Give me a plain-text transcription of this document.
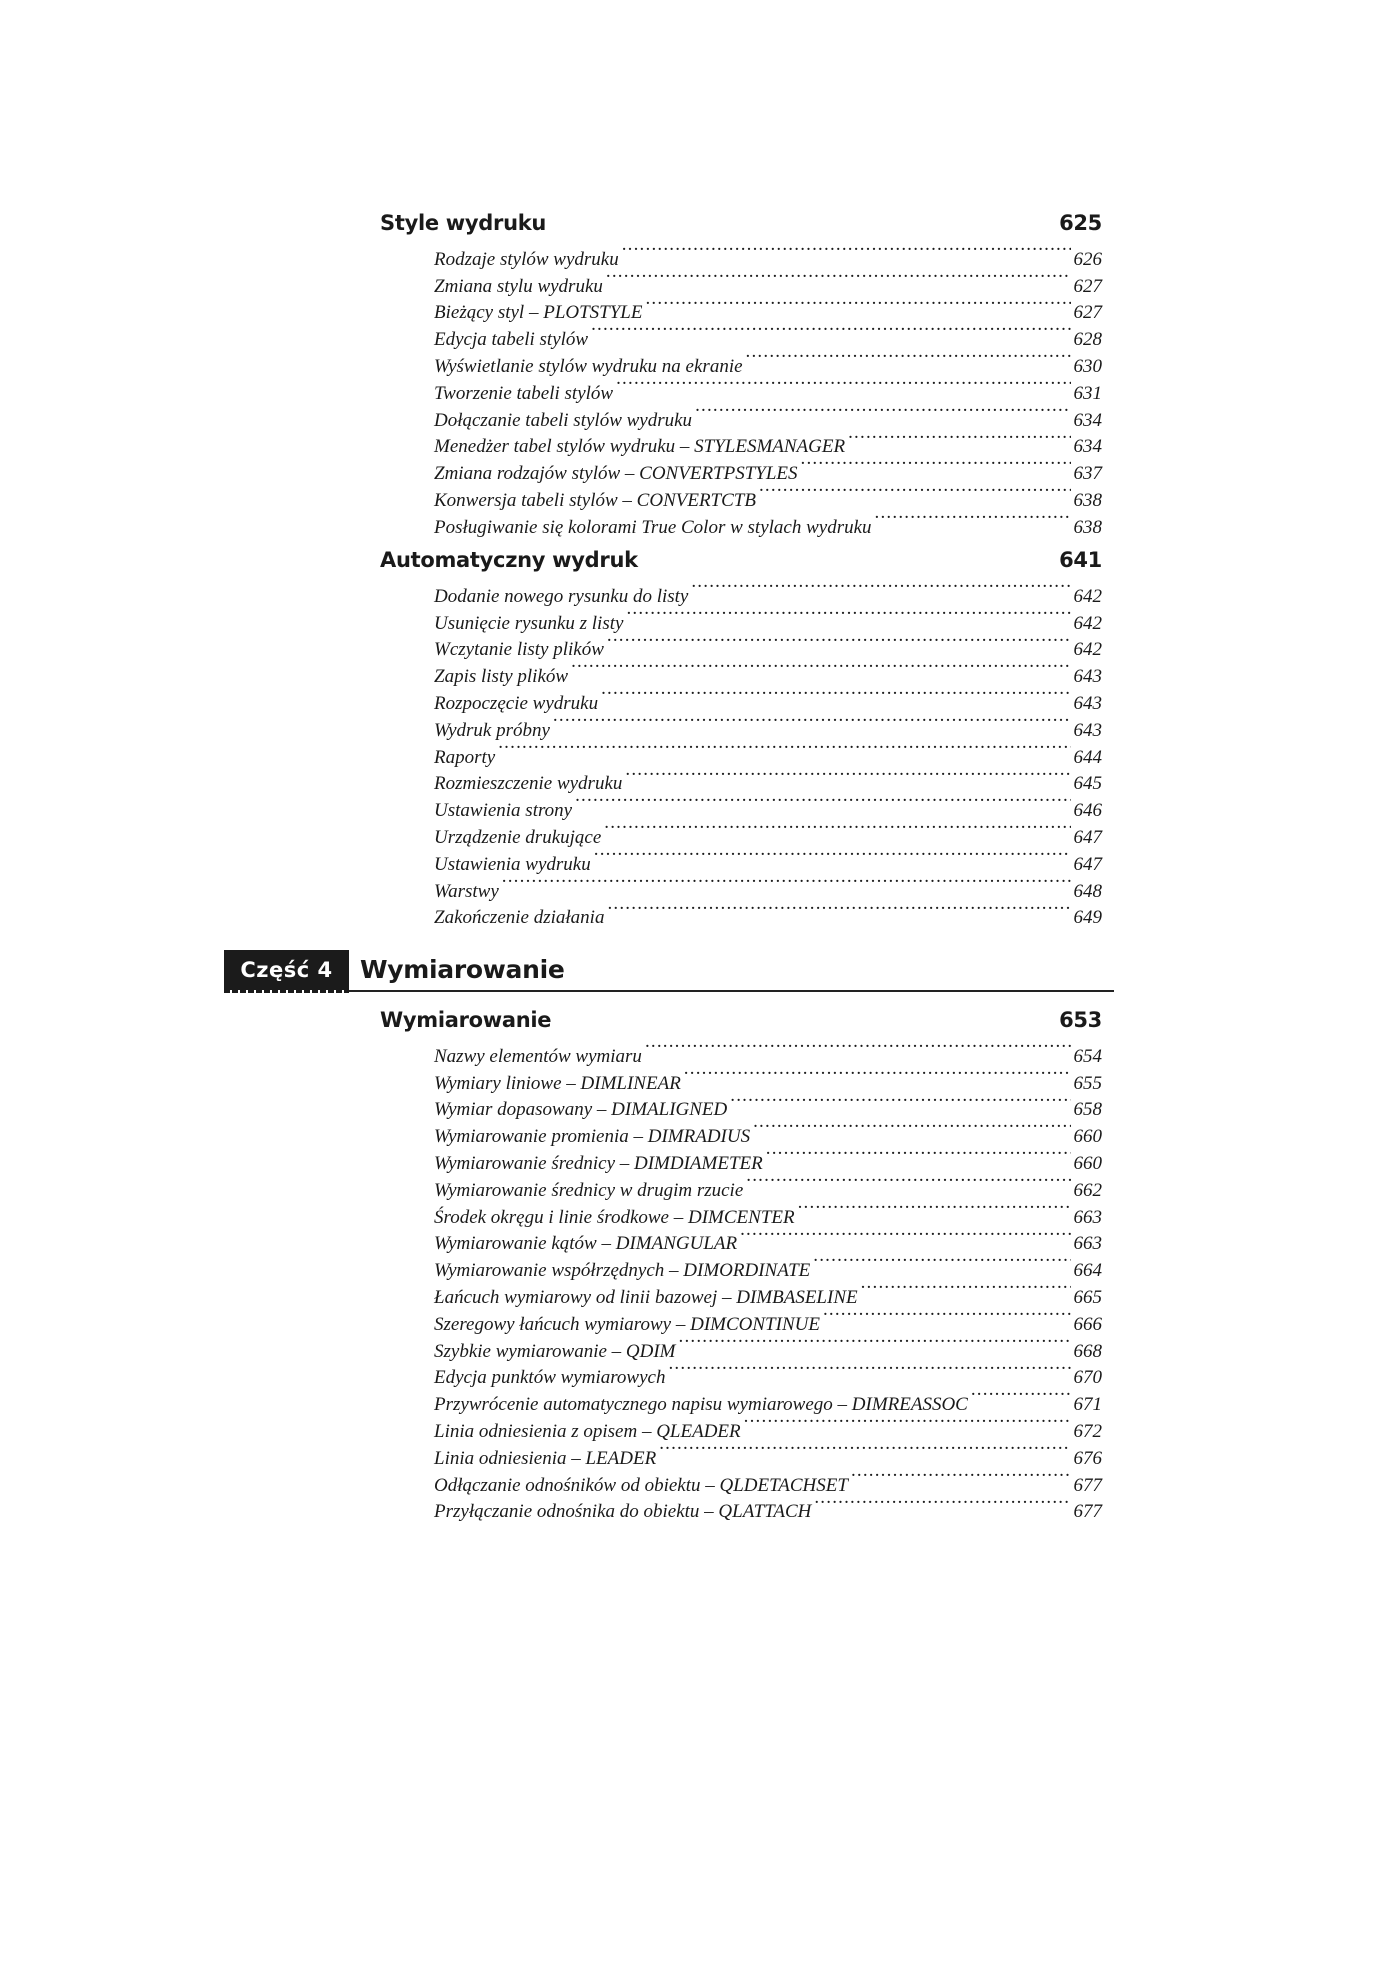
Style wydruku	625
Rodzaje stylów wydruku .....	626
Zmiana stylu wydruku .....	627
Bieżący styl – PLOTSTYLE .....	627
Edycja tabeli stylów .....	628
Wyświetlanie stylów wydruku na ekranie .....	630
Tworzenie tabeli stylów .....	631
Dołączanie tabeli stylów wydruku .....	634
Menedżer tabel stylów wydruku – STYLESMANAGER .....	634
Zmiana rodzajów stylów – CONVERTPSTYLES .....	637
Konwersja tabeli stylów – CONVERTCTB .....	638
Posługiwanie się kolorami True Color w stylach wydruku .....	638
Automatyczny wydruk	641
Dodanie nowego rysunku do listy .....	642
Usunięcie rysunku z listy .....	642
Wczytanie listy plików .....	642
Zapis listy plików .....	643
Rozpoczęcie wydruku .....	643
Wydruk próbny .....	643
Raporty .....	644
Rozmieszczenie wydruku .....	645
Ustawienia strony .....	646
Urządzenie drukujące .....	647
Ustawienia wydruku .....	647
Warstwy .....	648
Zakończenie działania .....	649
Część 4	Wymiarowanie
Wymiarowanie	653
Nazwy elementów wymiaru .....	654
Wymiary liniowe – DIMLINEAR .....	655
Wymiar dopasowany – DIMALIGNED .....	658
Wymiarowanie promienia – DIMRADIUS .....	660
Wymiarowanie średnicy – DIMDIAMETER .....	660
Wymiarowanie średnicy w drugim rzucie .....	662
Środek okręgu i linie środkowe – DIMCENTER .....	663
Wymiarowanie kątów – DIMANGULAR .....	663
Wymiarowanie współrzędnych – DIMORDINATE .....	664
Łańcuch wymiarowy od linii bazowej – DIMBASELINE .....	665
Szeregowy łańcuch wymiarowy – DIMCONTINUE .....	666
Szybkie wymiarowanie – QDIM .....	668
Edycja punktów wymiarowych .....	670
Przywrócenie automatycznego napisu wymiarowego – DIMREASSOC .....	671
Linia odniesienia z opisem – QLEADER .....	672
Linia odniesienia – LEADER .....	676
Odłączanie odnośników od obiektu – QLDETACHSET .....	677
Przyłączanie odnośnika do obiektu – QLATTACH .....	677
